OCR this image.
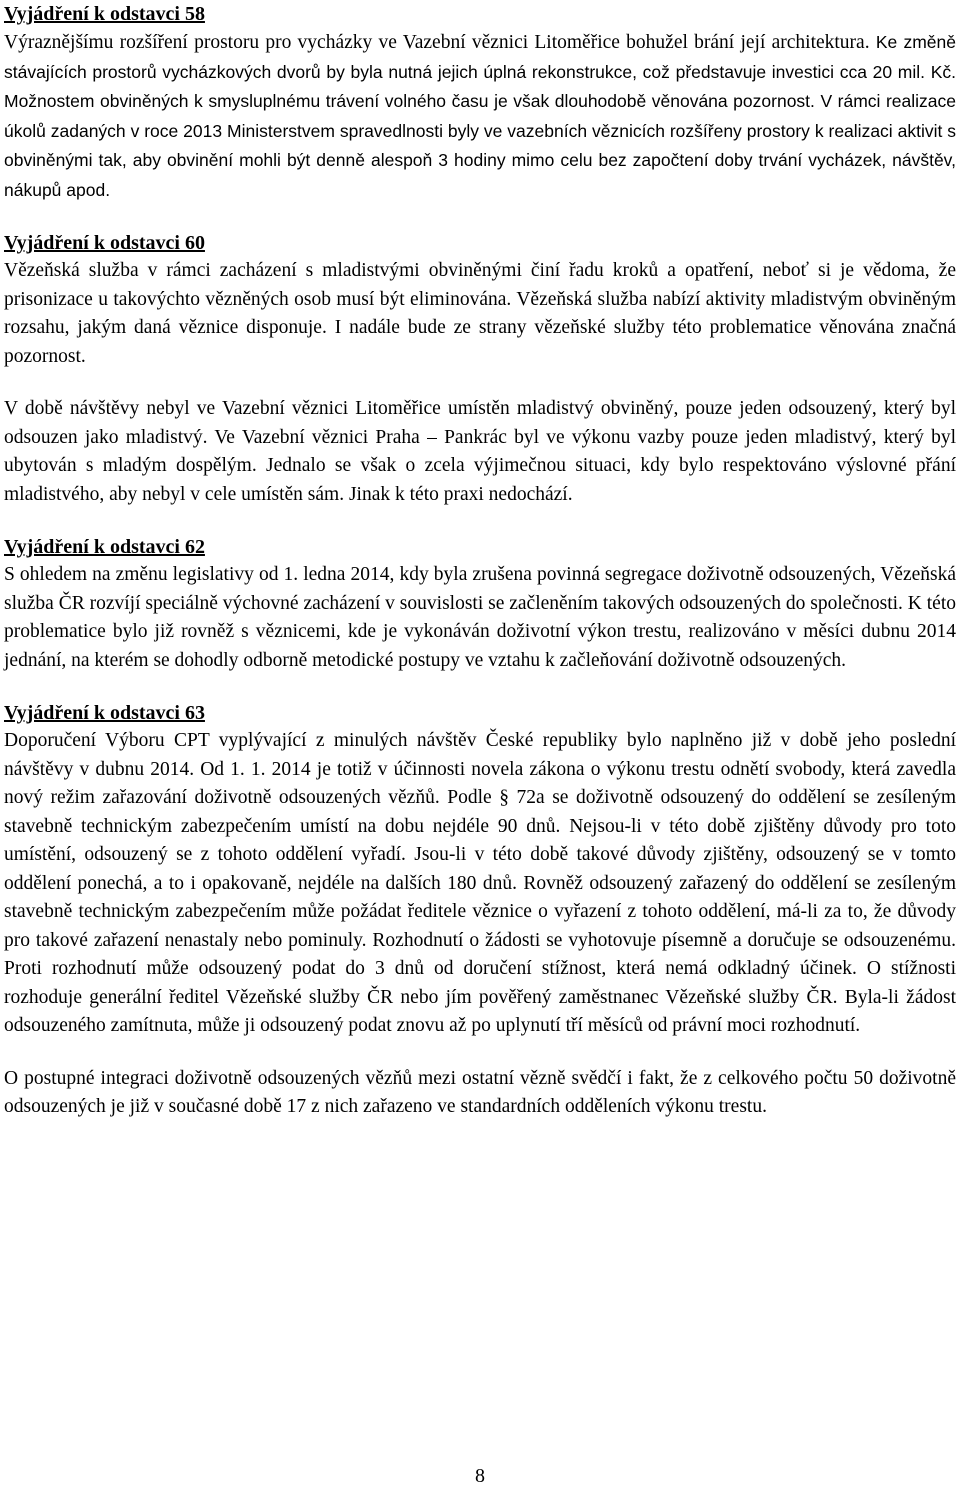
Vyjádření k odstavci 58

Výraznějšímu rozšíření prostoru pro vycházky ve Vazební věznici Litoměřice bohužel brání její architektura. Ke změně stávajících prostorů vycházkových dvorů by byla nutná jejich úplná rekonstrukce, což představuje investici cca 20 mil. Kč. Možnostem obviněných k smysluplnému trávení volného času je však dlouhodobě věnována pozornost. V rámci realizace úkolů zadaných v roce 2013 Ministerstvem spravedlnosti byly ve vazebních věznicích rozšířeny prostory k realizaci aktivit s obviněnými tak, aby obvinění mohli být denně alespoň 3 hodiny mimo celu bez započtení doby trvání vycházek, návštěv, nákupů apod.

Vyjádření k odstavci 60

Vězeňská služba v rámci zacházení s mladistvými obviněnými činí řadu kroků a opatření, neboť si je vědoma, že prisonizace u takovýchto vězněných osob musí být eliminována. Vězeňská služba nabízí aktivity mladistvým obviněným rozsahu, jakým daná věznice disponuje. I nadále bude ze strany vězeňské služby této problematice věnována značná pozornost.

V době návštěvy nebyl ve Vazební věznici Litoměřice umístěn mladistvý obviněný, pouze jeden odsouzený, který byl odsouzen jako mladistvý. Ve Vazební věznici Praha – Pankrác byl ve výkonu vazby pouze jeden mladistvý, který byl ubytován s mladým dospělým. Jednalo se však o zcela výjimečnou situaci, kdy bylo respektováno výslovné přání mladistvého, aby nebyl v cele umístěn sám. Jinak k této praxi nedochází.

Vyjádření k odstavci 62

S ohledem na změnu legislativy od 1. ledna 2014, kdy byla zrušena povinná segregace doživotně odsouzených, Vězeňská služba ČR rozvíjí speciálně výchovné zacházení v souvislosti se začleněním takových odsouzených do společnosti. K této problematice bylo již rovněž s věznicemi, kde je vykonáván doživotní výkon trestu, realizováno v měsíci dubnu 2014 jednání, na kterém se dohodly odborně metodické postupy ve vztahu k začleňování doživotně odsouzených.

Vyjádření k odstavci 63

Doporučení Výboru CPT vyplývající z minulých návštěv České republiky bylo naplněno již v době jeho poslední návštěvy v dubnu 2014. Od 1. 1. 2014 je totiž v účinnosti novela zákona o výkonu trestu odnětí svobody, která zavedla nový režim zařazování doživotně odsouzených vězňů. Podle § 72a se doživotně odsouzený do oddělení se zesíleným stavebně technickým zabezpečením umístí na dobu nejdéle 90 dnů. Nejsou-li v této době zjištěny důvody pro toto umístění, odsouzený se z tohoto oddělení vyřadí. Jsou-li v této době takové důvody zjištěny, odsouzený se v tomto oddělení ponechá, a to i opakovaně, nejdéle na dalších 180 dnů. Rovněž odsouzený zařazený do oddělení se zesíleným stavebně technickým zabezpečením může požádat ředitele věznice o vyřazení z tohoto oddělení, má-li za to, že důvody pro takové zařazení nenastaly nebo pominuly. Rozhodnutí o žádosti se vyhotovuje písemně a doručuje se odsouzenému. Proti rozhodnutí může odsouzený podat do 3 dnů od doručení stížnost, která nemá odkladný účinek. O stížnosti rozhoduje generální ředitel Vězeňské služby ČR nebo jím pověřený zaměstnanec Vězeňské služby ČR. Byla-li žádost odsouzeného zamítnuta, může ji odsouzený podat znovu až po uplynutí tří měsíců od právní moci rozhodnutí.

O postupné integraci doživotně odsouzených vězňů mezi ostatní vězně svědčí i fakt, že z celkového počtu 50 doživotně odsouzených je již v současné době 17 z nich zařazeno ve standardních odděleních výkonu trestu.

8
